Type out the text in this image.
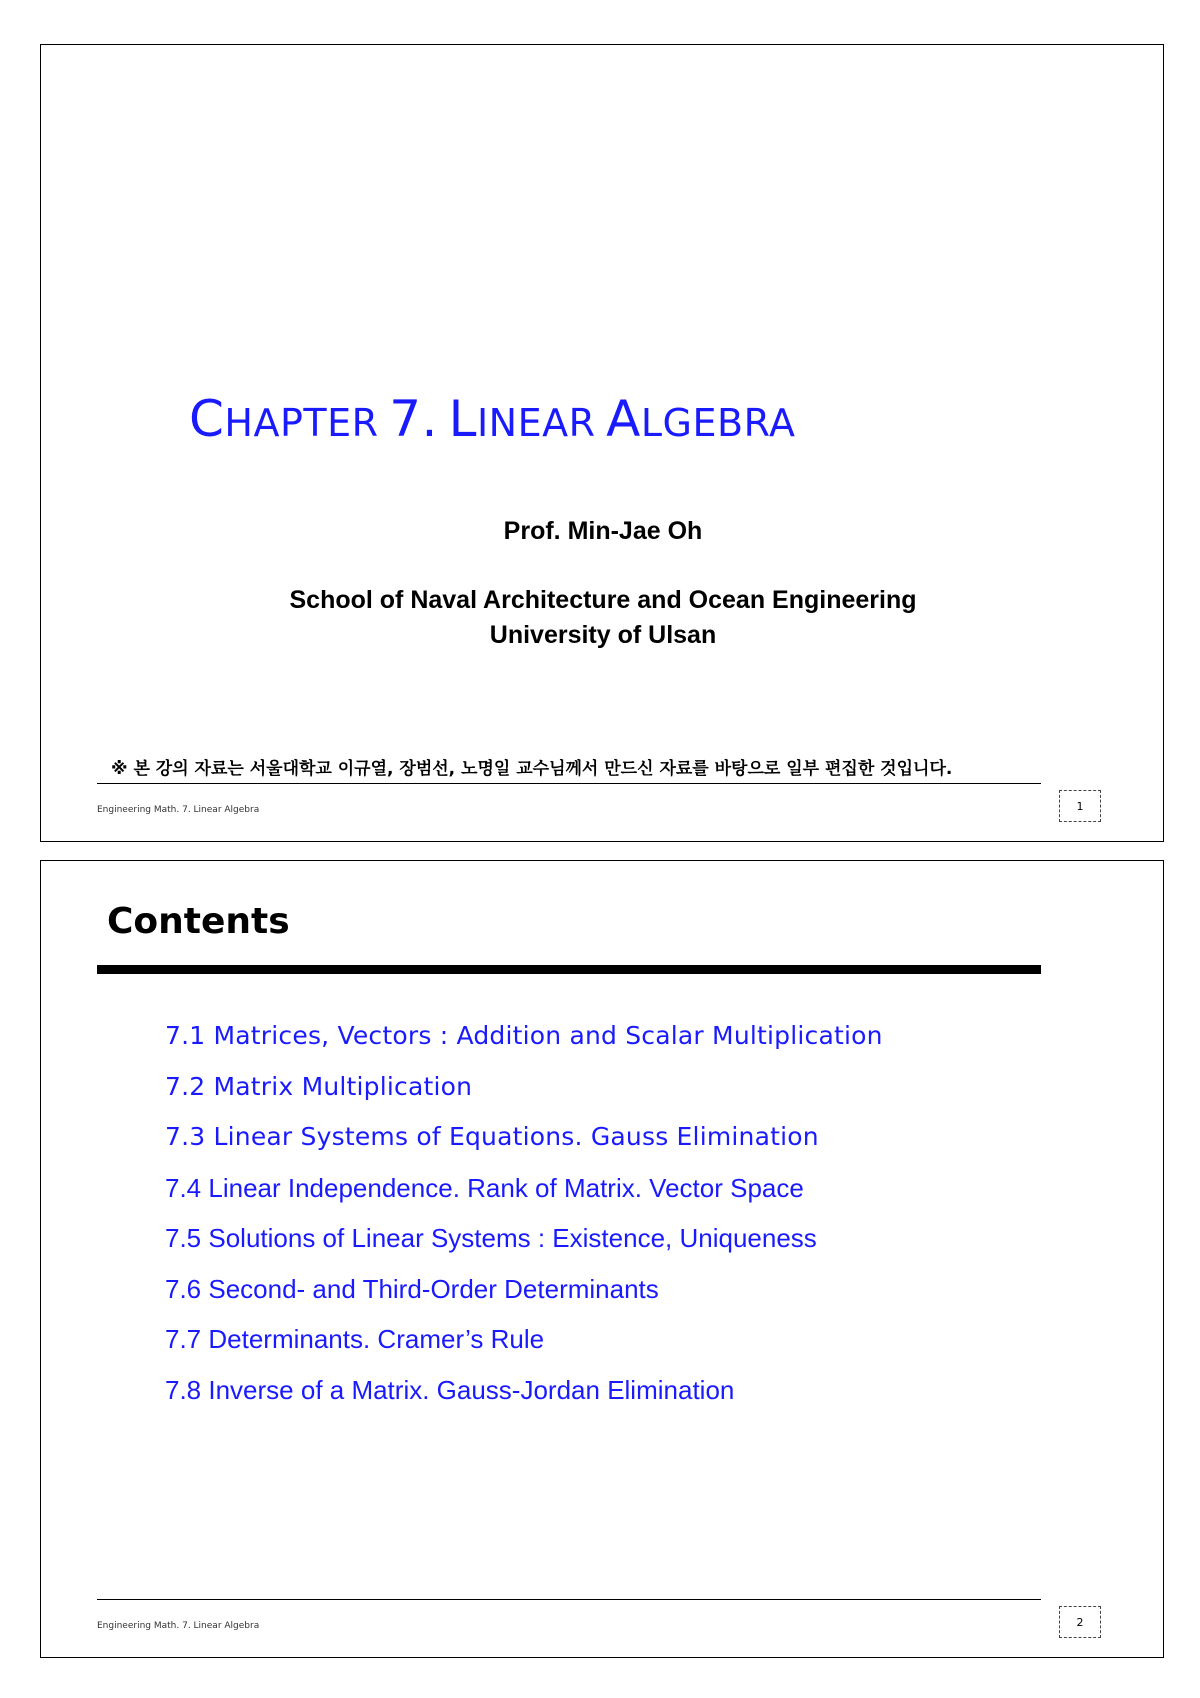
CHAPTER 7. LINEAR ALGEBRA
Prof. Min-Jae Oh
School of Naval Architecture and Ocean Engineering
University of Ulsan
※ 본 강의 자료는 서울대학교 이규열, 장범선, 노명일 교수님께서 만드신 자료를 바탕으로 일부 편집한 것입니다.
Engineering Math. 7. Linear Algebra	1
Contents
7.1 Matrices, Vectors : Addition and Scalar Multiplication
7.2 Matrix Multiplication
7.3 Linear Systems of Equations. Gauss Elimination
7.4 Linear Independence. Rank of Matrix. Vector Space
7.5 Solutions of Linear Systems : Existence, Uniqueness
7.6 Second- and Third-Order Determinants
7.7 Determinants. Cramer’s Rule
7.8 Inverse of a Matrix. Gauss-Jordan Elimination
Engineering Math. 7. Linear Algebra	2
